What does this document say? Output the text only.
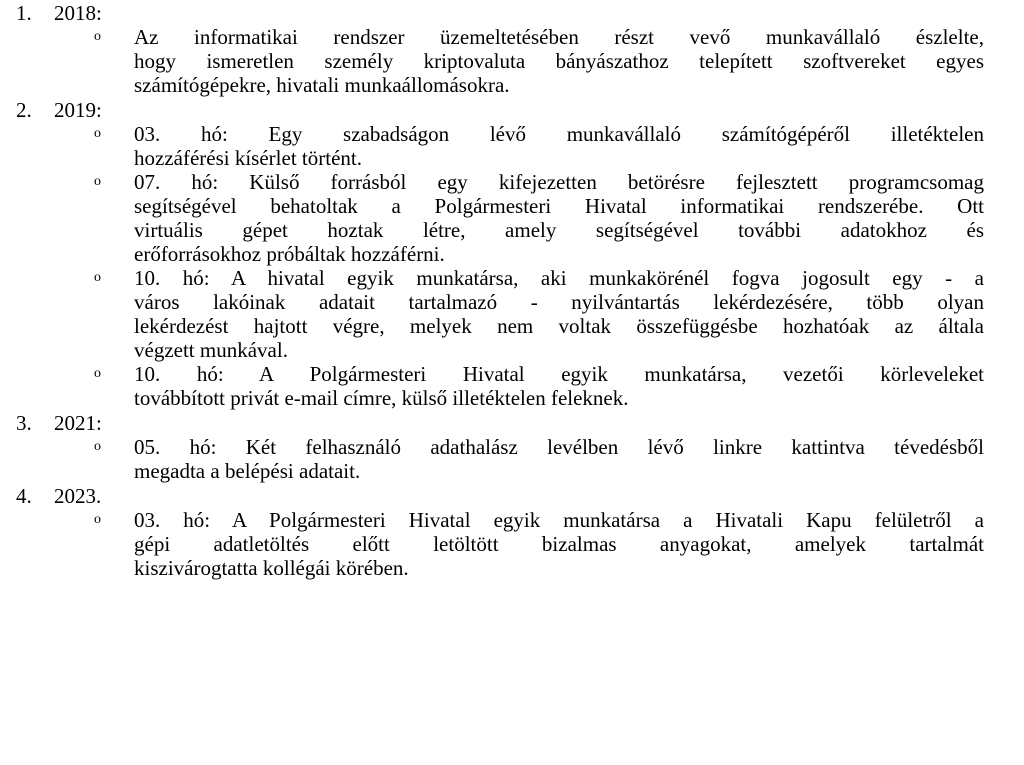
1. 2018:
o Az informatikai rendszer üzemeltetésében részt vevő munkavállaló észlelte,
hogy ismeretlen személy kriptovaluta bányászathoz telepített szoftvereket egyes
számítógépekre, hivatali munkaállomásokra.
2. 2019:
o 03. hó: Egy szabadságon lévő munkavállaló számítógépéről illetéktelen
hozzáférési kísérlet történt.
o 07. hó: Külső forrásból egy kifejezetten betörésre fejlesztett programcsomag
segítségével behatoltak a Polgármesteri Hivatal informatikai rendszerébe. Ott
virtuális gépet hoztak létre, amely segítségével további adatokhoz és
erőforrásokhoz próbáltak hozzáférni.
o 10. hó: A hivatal egyik munkatársa, aki munkakörénél fogva jogosult egy - a
város lakóinak adatait tartalmazó - nyilvántartás lekérdezésére, több olyan
lekérdezést hajtott végre, melyek nem voltak összefüggésbe hozhatóak az általa
végzett munkával.
o 10. hó: A Polgármesteri Hivatal egyik munkatársa, vezetői körleveleket
továbbított privát e-mail címre, külső illetéktelen feleknek.
3. 2021:
o 05. hó: Két felhasználó adathalász levélben lévő linkre kattintva tévedésből
megadta a belépési adatait.
4. 2023.
o 03. hó: A Polgármesteri Hivatal egyik munkatársa a Hivatali Kapu felületről a
gépi adatletöltés előtt letöltött bizalmas anyagokat, amelyek tartalmát
kiszivárogtatta kollégái körében.
